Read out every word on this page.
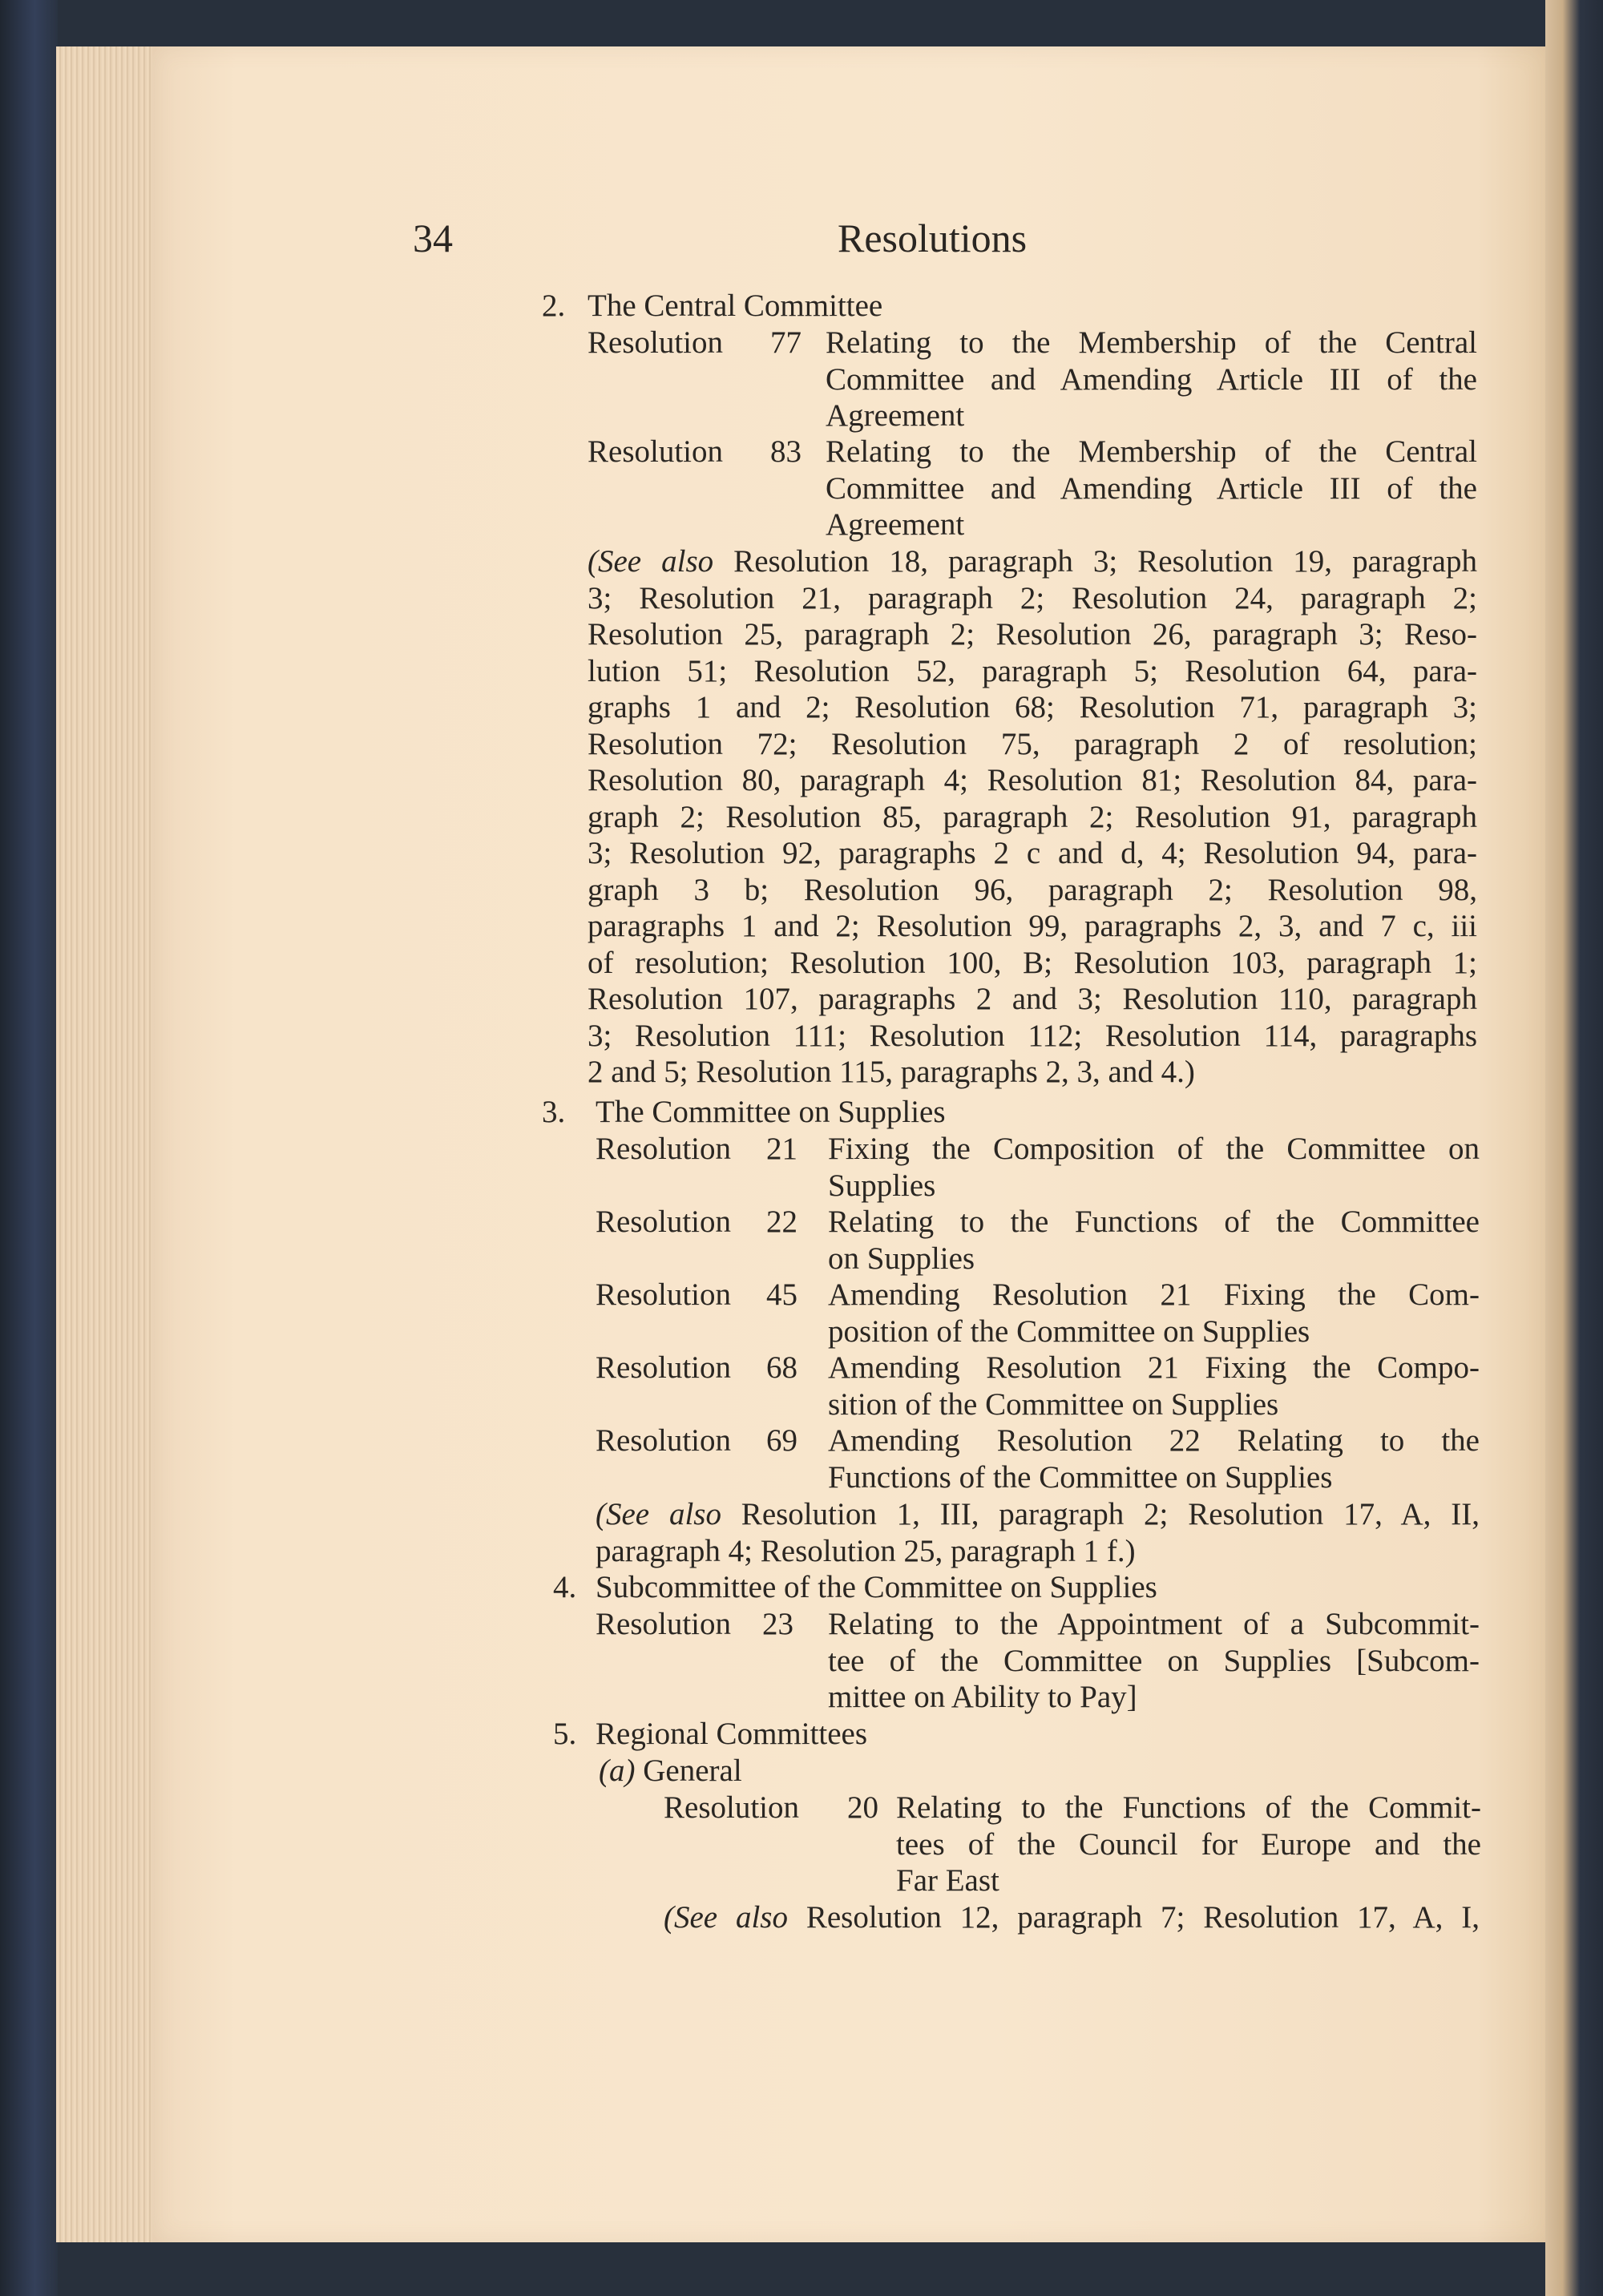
34	Resolutions
2. The Central Committee
Resolution	77 Relating to the Membership of the Central
Committee and Amending Article III of the
Agreement
Resolution	83 Relating to the Membership of the Central
Committee and Amending Article III of the
Agreement
(See also Resolution 18, paragraph 3; Resolution 19, paragraph
3; Resolution 21, paragraph 2; Resolution 24, paragraph 2;
Resolution 25, paragraph 2; Resolution 26, paragraph 3; Reso-
lution 51; Resolution 52, paragraph 5; Resolution 64, para-
graphs 1 and 2; Resolution 68; Resolution 71, paragraph 3;
Resolution 72; Resolution 75, paragraph 2 of resolution;
Resolution 80, paragraph 4; Resolution 81; Resolution 84, para-
graph 2; Resolution 85, paragraph 2; Resolution 91, paragraph
3; Resolution 92, paragraphs 2 c and d, 4; Resolution 94, para-
graph 3 b; Resolution 96, paragraph 2; Resolution 98,
paragraphs 1 and 2; Resolution 99, paragraphs 2, 3, and 7 c, iii
of resolution; Resolution 100, B; Resolution 103, paragraph 1;
Resolution 107, paragraphs 2 and 3; Resolution 110, paragraph
3; Resolution 111; Resolution 112; Resolution 114, paragraphs
2 and 5; Resolution 115, paragraphs 2, 3, and 4.)
3. The Committee on Supplies
Resolution	21 Fixing the Composition of the Committee on
Supplies
Resolution	22 Relating to the Functions of the Committee
on Supplies
Resolution	45 Amending Resolution 21 Fixing the Com-
position of the Committee on Supplies
Resolution	68 Amending Resolution 21 Fixing the Compo-
sition of the Committee on Supplies
Resolution	69 Amending Resolution 22 Relating to the
Functions of the Committee on Supplies
(See also Resolution 1, III, paragraph 2; Resolution 17, A, II,
paragraph 4; Resolution 25, paragraph 1 f.)
4. Subcommittee of the Committee on Supplies
Resolution 23 Relating to the Appointment of a Subcommit-
tee of the Committee on Supplies [Subcom-
mittee on Ability to Pay]
5. Regional Committees
(a) General
Resolution	20 Relating to the Functions of the Commit-
tees of the Council for Europe and the
Far East
(See also Resolution 12, paragraph 7; Resolution 17, A, I,
